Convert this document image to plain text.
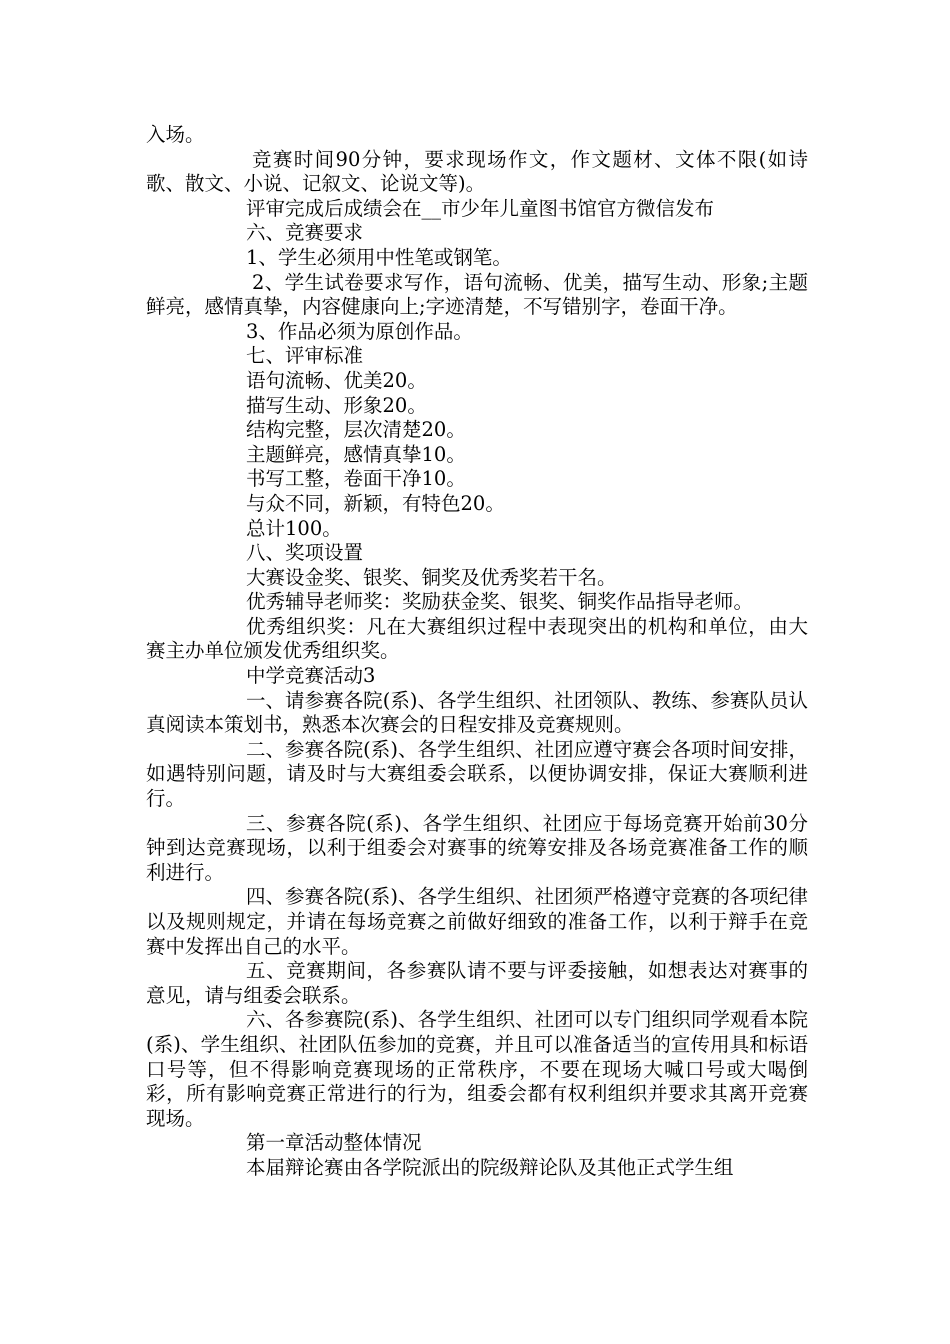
入场。

竞赛时间90分钟，要求现场作文，作文题材、文体不限(如诗歌、散文、小说、记叙文、论说文等)。

评审完成后成绩会在__市少年儿童图书馆官方微信发布

六、竞赛要求

1、学生必须用中性笔或钢笔。

2、学生试卷要求写作，语句流畅、优美，描写生动、形象;主题鲜亮，感情真挚，内容健康向上;字迹清楚，不写错别字，卷面干净。

3、作品必须为原创作品。

七、评审标准

语句流畅、优美20。

描写生动、形象20。

结构完整，层次清楚20。

主题鲜亮，感情真挚10。

书写工整，卷面干净10。

与众不同，新颖，有特色20。

总计100。

八、奖项设置

大赛设金奖、银奖、铜奖及优秀奖若干名。

优秀辅导老师奖：奖励获金奖、银奖、铜奖作品指导老师。

优秀组织奖：凡在大赛组织过程中表现突出的机构和单位，由大赛主办单位颁发优秀组织奖。

中学竞赛活动3

一、请参赛各院(系)、各学生组织、社团领队、教练、参赛队员认真阅读本策划书，熟悉本次赛会的日程安排及竞赛规则。

二、参赛各院(系)、各学生组织、社团应遵守赛会各项时间安排，如遇特别问题，请及时与大赛组委会联系，以便协调安排，保证大赛顺利进行。

三、参赛各院(系)、各学生组织、社团应于每场竞赛开始前30分钟到达竞赛现场，以利于组委会对赛事的统筹安排及各场竞赛准备工作的顺利进行。

四、参赛各院(系)、各学生组织、社团须严格遵守竞赛的各项纪律以及规则规定，并请在每场竞赛之前做好细致的准备工作，以利于辩手在竞赛中发挥出自己的水平。

五、竞赛期间，各参赛队请不要与评委接触，如想表达对赛事的意见，请与组委会联系。

六、各参赛院(系)、各学生组织、社团可以专门组织同学观看本院(系)、学生组织、社团队伍参加的竞赛，并且可以准备适当的宣传用具和标语口号等，但不得影响竞赛现场的正常秩序，不要在现场大喊口号或大喝倒彩，所有影响竞赛正常进行的行为，组委会都有权利组织并要求其离开竞赛现场。

第一章活动整体情况

本届辩论赛由各学院派出的院级辩论队及其他正式学生组
